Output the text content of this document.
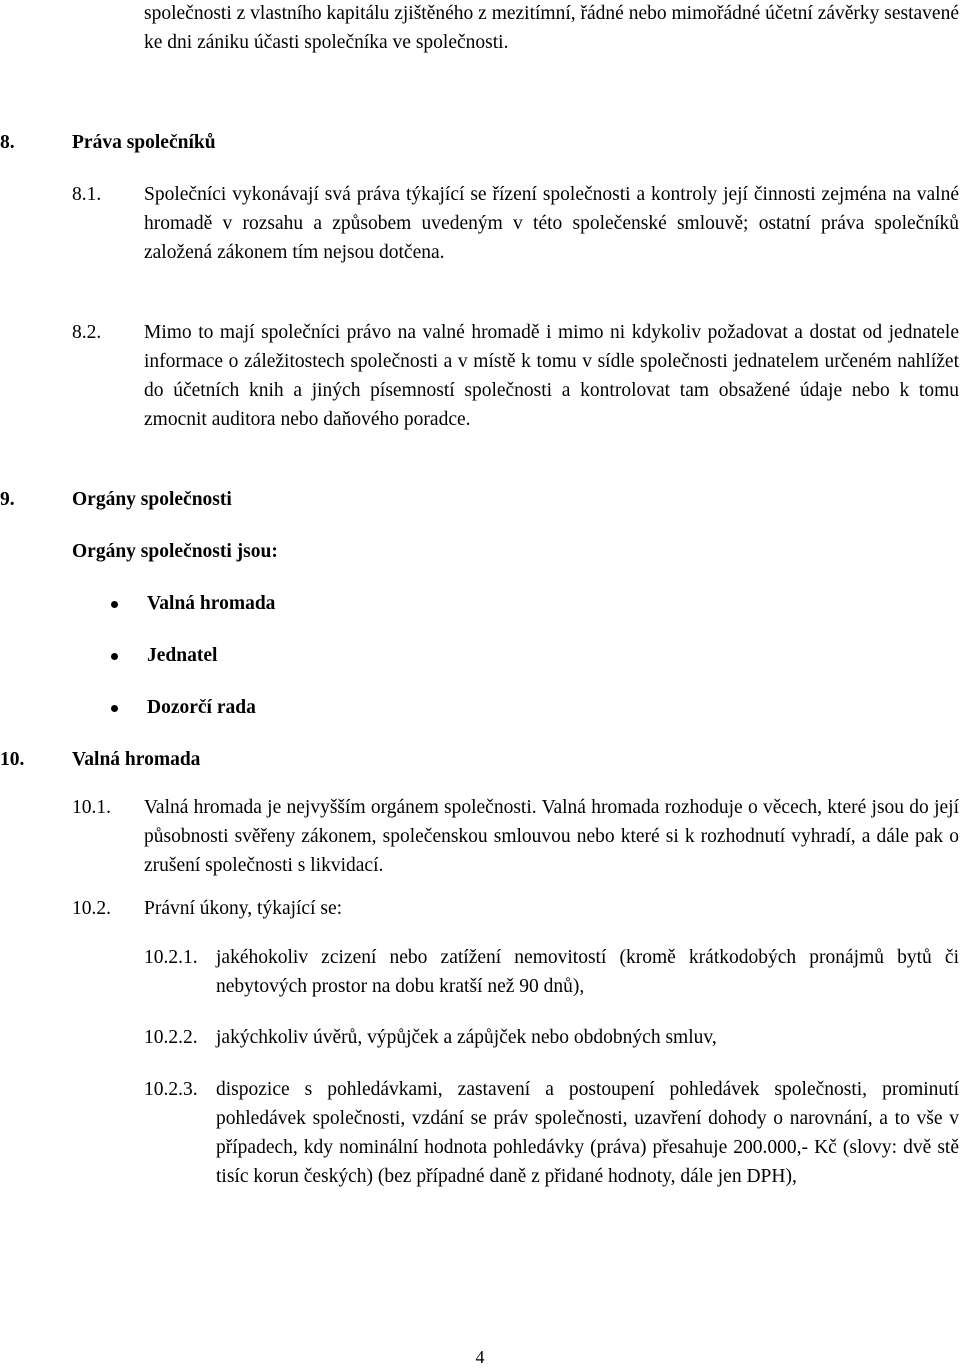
společnosti z vlastního kapitálu zjištěného z mezitímní, řádné nebo mimořádné účetní závěrky sestavené ke dni zániku účasti společníka ve společnosti.
8.	Práva společníků
8.1. Společníci vykonávají svá práva týkající se řízení společnosti a kontroly její činnosti zejména na valné hromadě v rozsahu a způsobem uvedeným v této společenské smlouvě; ostatní práva společníků založená zákonem tím nejsou dotčena.
8.2. Mimo to mají společníci právo na valné hromadě i mimo ni kdykoliv požadovat a dostat od jednatele informace o záležitostech společnosti a v místě k tomu v sídle společnosti jednatelem určeném nahlížet do účetních knih a jiných písemností společnosti a kontrolovat tam obsažené údaje nebo k tomu zmocnit auditora nebo daňového poradce.
9.	Orgány společnosti
Orgány společnosti jsou:
Valná hromada
Jednatel
Dozorčí rada
10. Valná hromada
10.1. Valná hromada je nejvyšším orgánem společnosti. Valná hromada rozhoduje o věcech, které jsou do její působnosti svěřeny zákonem, společenskou smlouvou nebo které si k rozhodnutí vyhradí, a dále pak o zrušení společnosti s likvidací.
10.2. Právní úkony, týkající se:
10.2.1. jakéhokoliv zcizení nebo zatížení nemovitostí (kromě krátkodobých pronájmů bytů či nebytových prostor na dobu kratší než 90 dnů),
10.2.2. jakýchkoliv úvěrů, výpůjček a zápůjček nebo obdobných smluv,
10.2.3. dispozice s pohledávkami, zastavení a postoupení pohledávek společnosti, prominutí pohledávek společnosti, vzdání se práv společnosti, uzavření dohody o narovnání, a to vše v případech, kdy nominální hodnota pohledávky (práva) přesahuje 200.000,- Kč (slovy: dvě stě tisíc korun českých) (bez případné daně z přidané hodnoty, dále jen DPH),
4
